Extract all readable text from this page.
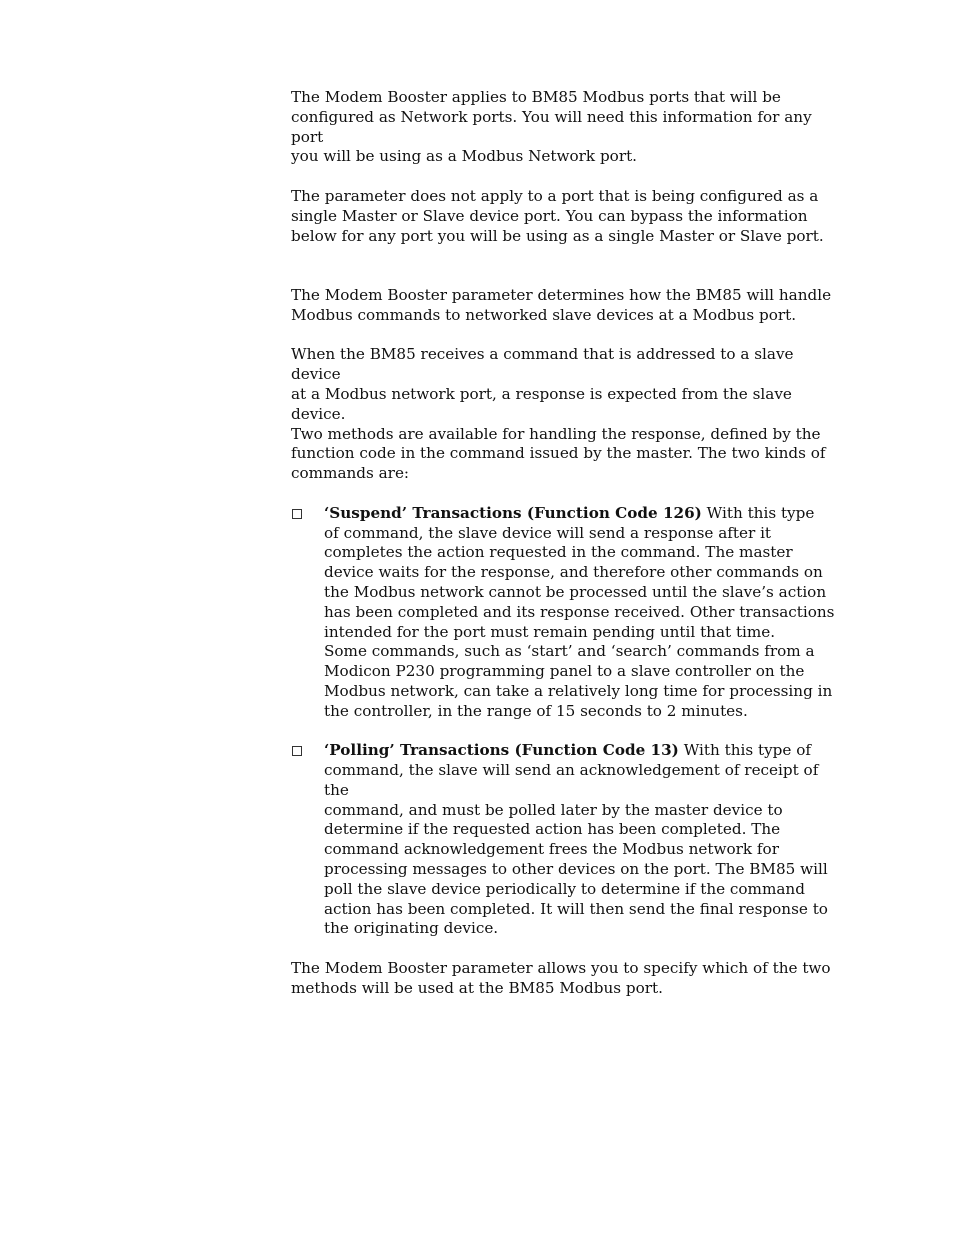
The Modem Booster applies to BM85 Modbus ports that will be
configured as Network ports. You will need this information for any port
you will be using as a Modbus Network port.

The parameter does not apply to a port that is being configured as a
single Master or Slave device port. You can bypass the information
below for any port you will be using as a single Master or Slave port.

The Modem Booster parameter determines how the BM85 will handle
Modbus commands to networked slave devices at a Modbus port.

When the BM85 receives a command that is addressed to a slave device
at a Modbus network port, a response is expected from the slave device.
Two methods are available for handling the response, defined by the
function code in the command issued by the master. The two kinds of
commands are:

‘Suspend’ Transactions (Function Code 126) With this type
of command, the slave device will send a response after it
completes the action requested in the command. The master
device waits for the response, and therefore other commands on
the Modbus network cannot be processed until the slave’s action
has been completed and its response received. Other transactions
intended for the port must remain pending until that time.
Some commands, such as ‘start’ and ‘search’ commands from a
Modicon P230 programming panel to a slave controller on the
Modbus network, can take a relatively long time for processing in
the controller, in the range of 15 seconds to 2 minutes.
‘Polling’ Transactions (Function Code 13) With this type of
command, the slave will send an acknowledgement of receipt of the
command, and must be polled later by the master device to
determine if the requested action has been completed. The
command acknowledgement frees the Modbus network for
processing messages to other devices on the port. The BM85 will
poll the slave device periodically to determine if the command
action has been completed. It will then send the final response to
the originating device.

The Modem Booster parameter allows you to specify which of the two
methods will be used at the BM85 Modbus port.
